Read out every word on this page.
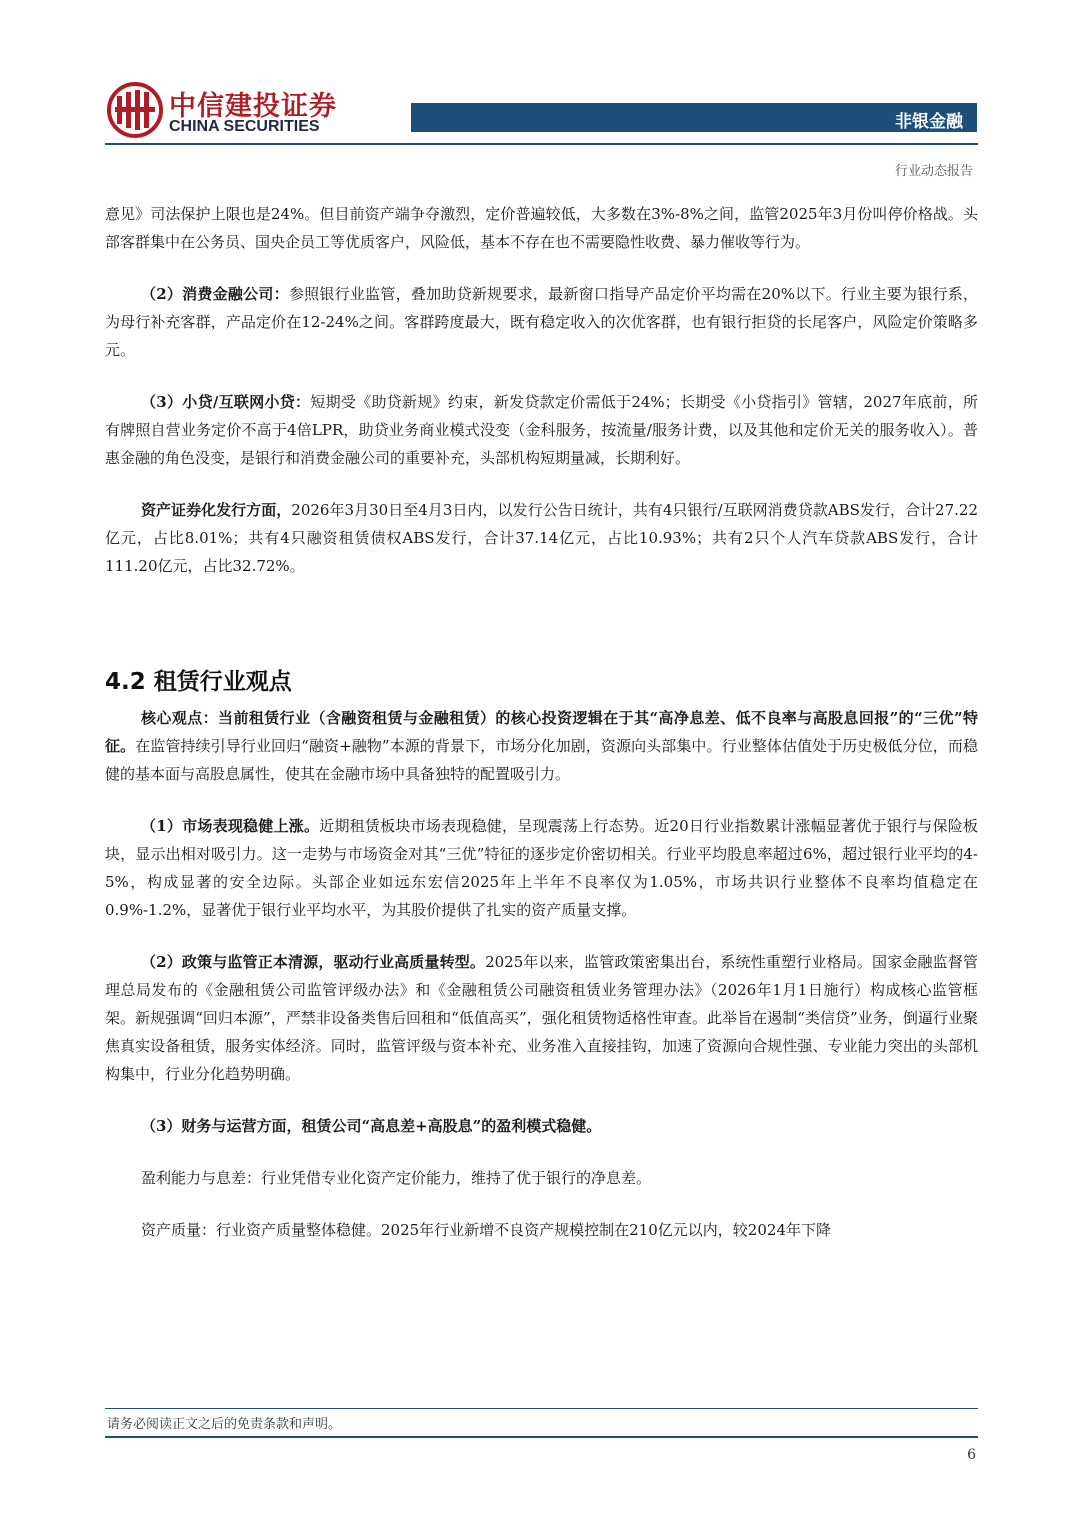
中信建投证券
CHINA SECURITIES	非银金融
行业动态报告

意见》司法保护上限也是24%。但目前资产端争夺激烈，定价普遍较低，大多数在3%-8%之间，监管2025年3月份叫停价格战。头部客群集中在公务员、国央企员工等优质客户，风险低，基本不存在也不需要隐性收费、暴力催收等行为。

（2）消费金融公司：参照银行业监管，叠加助贷新规要求，最新窗口指导产品定价平均需在20%以下。行业主要为银行系，为母行补充客群，产品定价在12-24%之间。客群跨度最大，既有稳定收入的次优客群，也有银行拒贷的长尾客户，风险定价策略多元。

（3）小贷/互联网小贷：短期受《助贷新规》约束，新发贷款定价需低于24%；长期受《小贷指引》管辖，2027年底前，所有牌照自营业务定价不高于4倍LPR，助贷业务商业模式没变（金科服务，按流量/服务计费，以及其他和定价无关的服务收入）。普惠金融的角色没变，是银行和消费金融公司的重要补充，头部机构短期量减，长期利好。

资产证券化发行方面，2026年3月30日至4月3日内，以发行公告日统计，共有4只银行/互联网消费贷款ABS发行，合计27.22亿元，占比8.01%；共有4只融资租赁债权ABS发行，合计37.14亿元，占比10.93%；共有2只个人汽车贷款ABS发行，合计111.20亿元，占比32.72%。

4.2 租赁行业观点

核心观点：当前租赁行业（含融资租赁与金融租赁）的核心投资逻辑在于其“高净息差、低不良率与高股息回报”的“三优”特征。在监管持续引导行业回归“融资+融物”本源的背景下，市场分化加剧，资源向头部集中。行业整体估值处于历史极低分位，而稳健的基本面与高股息属性，使其在金融市场中具备独特的配置吸引力。

（1）市场表现稳健上涨。近期租赁板块市场表现稳健，呈现震荡上行态势。近20日行业指数累计涨幅显著优于银行与保险板块，显示出相对吸引力。这一走势与市场资金对其“三优”特征的逐步定价密切相关。行业平均股息率超过6%，超过银行业平均的4-5%，构成显著的安全边际。头部企业如远东宏信2025年上半年不良率仅为1.05%，市场共识行业整体不良率均值稳定在0.9%-1.2%，显著优于银行业平均水平，为其股价提供了扎实的资产质量支撑。

（2）政策与监管正本清源，驱动行业高质量转型。2025年以来，监管政策密集出台，系统性重塑行业格局。国家金融监督管理总局发布的《金融租赁公司监管评级办法》和《金融租赁公司融资租赁业务管理办法》（2026年1月1日施行）构成核心监管框架。新规强调“回归本源”，严禁非设备类售后回租和“低值高买”，强化租赁物适格性审查。此举旨在遏制“类信贷”业务，倒逼行业聚焦真实设备租赁，服务实体经济。同时，监管评级与资本补充、业务准入直接挂钩，加速了资源向合规性强、专业能力突出的头部机构集中，行业分化趋势明确。

（3）财务与运营方面，租赁公司“高息差+高股息”的盈利模式稳健。

盈利能力与息差：行业凭借专业化资产定价能力，维持了优于银行的净息差。

资产质量：行业资产质量整体稳健。2025年行业新增不良资产规模控制在210亿元以内，较2024年下降

请务必阅读正文之后的免责条款和声明。
6
